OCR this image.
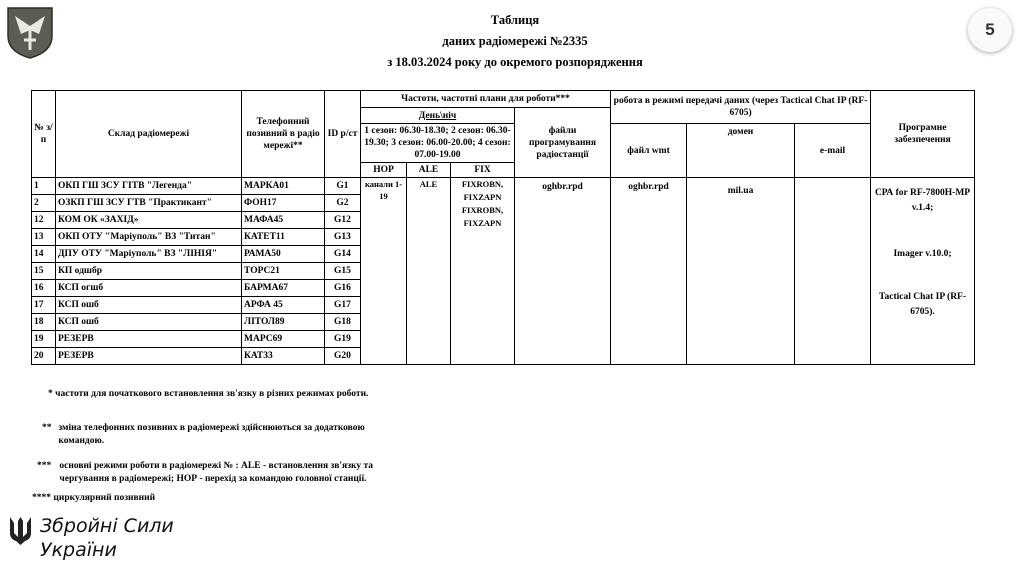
Таблиця
даних радіомережі №2335
з 18.03.2024 року до окремого розпорядження
5
№ з/п	Склад радіомережі	Телефонний позивний в радіо мережі**	ID р/ст	Частоти, частотні плани для роботи***				робота в режимі передачі даних (через Tactical Chat IP (RF-6705)			Програмне забезпечення
				День\ніч			файли програмування радіостанції				
				1 сезон: 06.30-18.30; 2 сезон: 06.30-19.30; 3 сезон: 06.00-20.00; 4 сезон: 07.00-19.00				файл wmt	домен	e-mail	
				НОР	ALE	FIX					
1	ОКП ГШ ЗСУ ГІТВ "Легенда"	МАРКА01	G1	канали 1-19	ALE	FIXROBN, FIXZAPN FIXROBN, FIXZAPN	oghbr.rpd	oghbr.rpd	mil.ua		СРА for RF-7800H-MP v.1.4;
Imager v.10.0;
Tactical Chat IP (RF-6705).

2	ОЗКП ГШ ЗСУ ГТВ "Практикант"	ФОН17	G2								
12	КОМ ОК «ЗАХІД»	МАФА45	G12								
13	ОКП ОТУ "Маріуполь" ВЗ "Титан"	КАТЕТ11	G13								
14	ДПУ ОТУ "Маріуполь" ВЗ "ЛІНІЯ"	РАМА50	G14								
15	КП одшбр	ТОРС21	G15								
16	КСП огшб	БАРМА67	G16								
17	КСП ошб	АРФА 45	G17								
18	КСП ошб	ЛІТОЛ89	G18								
19	РЕЗЕРВ	МАРС69	G19								
20	РЕЗЕРВ	КАТ33	G20								
* частоти для початкового встановлення зв'язку в різних режимах роботи.
** зміна телефонних позивних в радіомережі здійснюються за додатковою командою.
*** основні режими роботи в радіомережі № : ALE - встановлення зв'язку та чергування в радіомережі; НОР - перехід за командою головної станції.
**** циркулярний позивний
Збройні Сили
України
